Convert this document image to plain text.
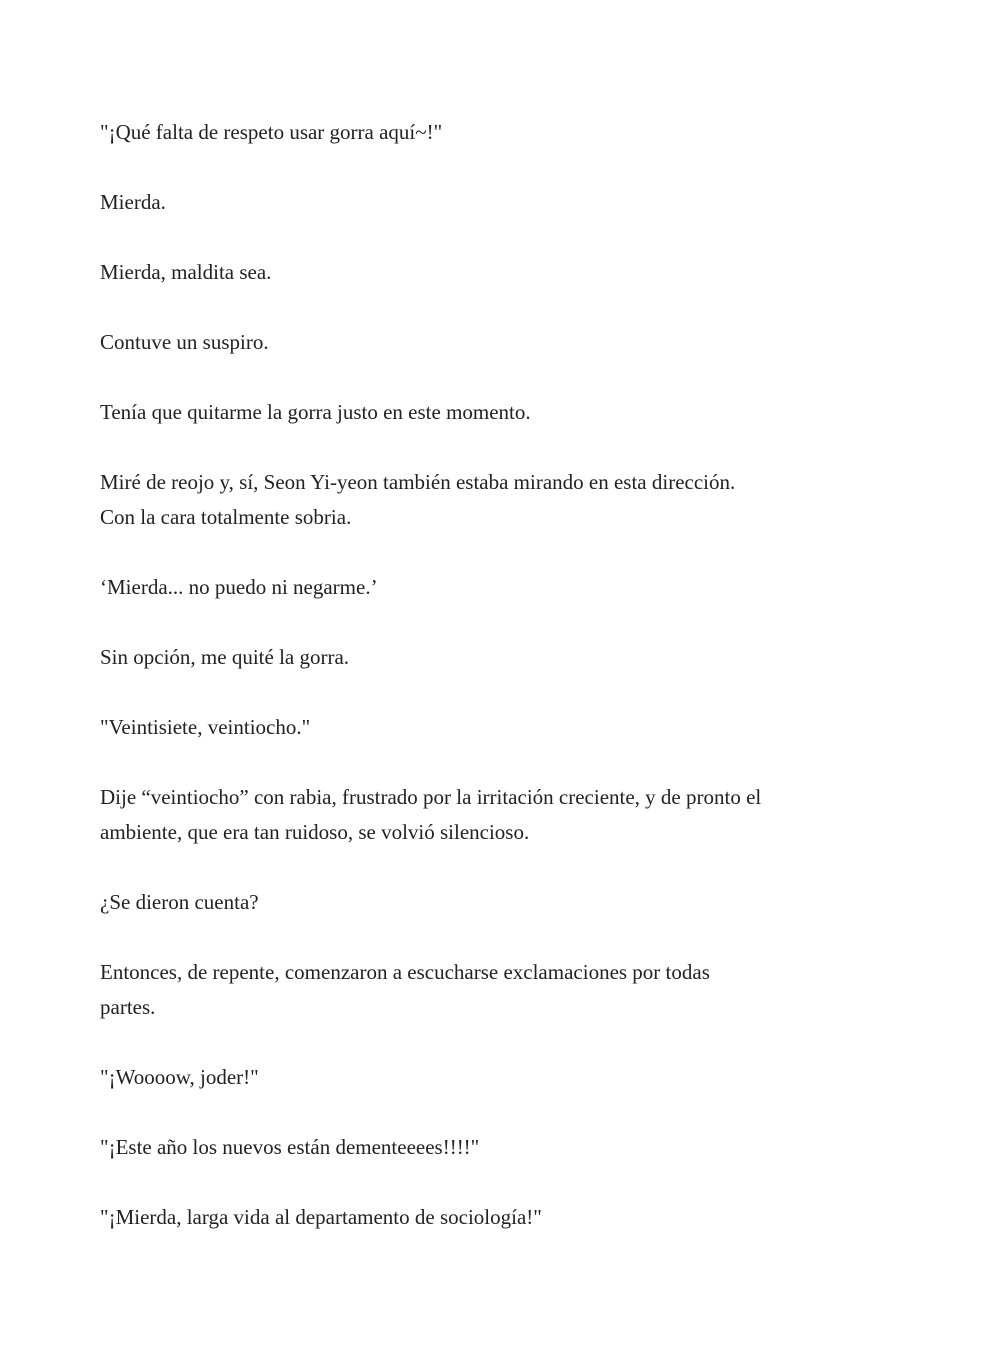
"¡Qué falta de respeto usar gorra aquí~!"
Mierda.
Mierda, maldita sea.
Contuve un suspiro.
Tenía que quitarme la gorra justo en este momento.
Miré de reojo y, sí, Seon Yi-yeon también estaba mirando en esta dirección.
Con la cara totalmente sobria.
‘Mierda... no puedo ni negarme.’
Sin opción, me quité la gorra.
"Veintisiete, veintiocho."
Dije “veintiocho” con rabia, frustrado por la irritación creciente, y de pronto el
ambiente, que era tan ruidoso, se volvió silencioso.
¿Se dieron cuenta?
Entonces, de repente, comenzaron a escucharse exclamaciones por todas
partes.
"¡Woooow, joder!"
"¡Este año los nuevos están dementeeees!!!!"
"¡Mierda, larga vida al departamento de sociología!"
